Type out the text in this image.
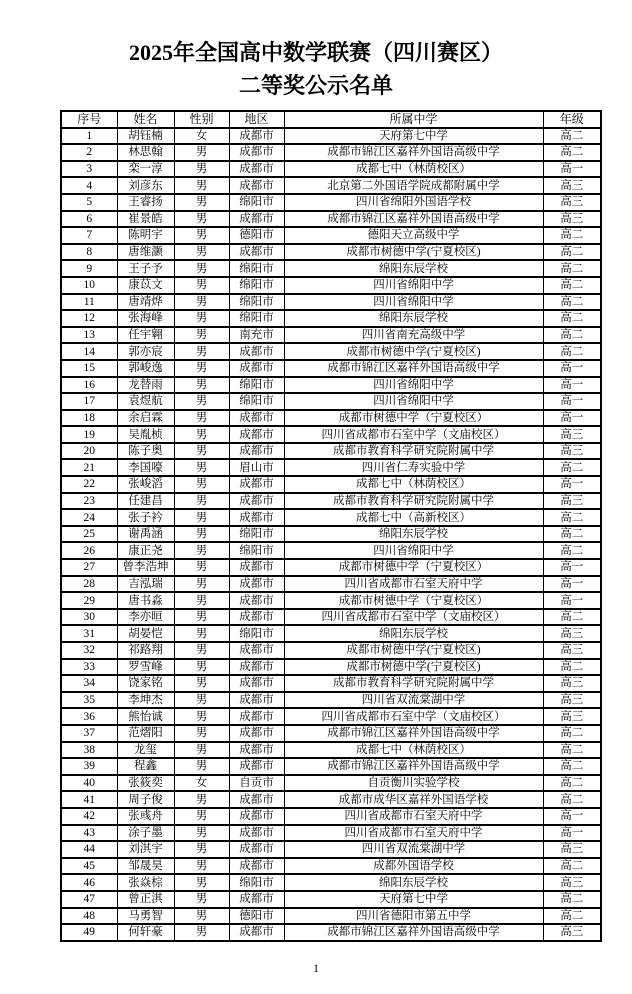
2025年全国高中数学联赛（四川赛区）
二等奖公示名单
序号	姓名	性别	地区	所属中学	年级
1	胡钰楠	女	成都市	天府第七中学	高二
2	林思翰	男	成都市	成都市锦江区嘉祥外国语高级中学	高二
3	栾一淳	男	成都市	成都七中（林荫校区）	高一
4	刘彦东	男	成都市	北京第二外国语学院成都附属中学	高三
5	王睿扬	男	绵阳市	四川省绵阳外国语学校	高三
6	崔景皓	男	成都市	成都市锦江区嘉祥外国语高级中学	高三
7	陈明宇	男	德阳市	德阳天立高级中学	高二
8	唐维灏	男	成都市	成都市树德中学(宁夏校区)	高二
9	王子予	男	绵阳市	绵阳东辰学校	高二
10	康苡文	男	绵阳市	四川省绵阳中学	高二
11	唐靖烨	男	绵阳市	四川省绵阳中学	高二
12	张海峰	男	绵阳市	绵阳东辰学校	高二
13	任宇翱	男	南充市	四川省南充高级中学	高二
14	郭亦宸	男	成都市	成都市树德中学(宁夏校区)	高二
15	郭峻逸	男	成都市	成都市锦江区嘉祥外国语高级中学	高一
16	龙替雨	男	绵阳市	四川省绵阳中学	高一
17	袁煜航	男	绵阳市	四川省绵阳中学	高一
18	余启霖	男	成都市	成都市树德中学（宁夏校区）	高一
19	吴胤桢	男	成都市	四川省成都市石室中学（文庙校区）	高三
20	陈子奥	男	成都市	成都市教育科学研究院附属中学	高三
21	李国嚎	男	眉山市	四川省仁寿实验中学	高二
22	张峻滔	男	成都市	成都七中（林荫校区）	高一
23	任建昌	男	成都市	成都市教育科学研究院附属中学	高三
24	张子衿	男	成都市	成都七中（高新校区）	高二
25	谢禹涵	男	绵阳市	绵阳东辰学校	高二
26	康正尧	男	绵阳市	四川省绵阳中学	高二
27	曾李浩坤	男	成都市	成都市树德中学（宁夏校区）	高一
28	吉泓瑞	男	成都市	四川省成都市石室天府中学	高一
29	唐书淼	男	成都市	成都市树德中学（宁夏校区）	高一
30	李亦晅	男	成都市	四川省成都市石室中学（文庙校区）	高二
31	胡晏恺	男	绵阳市	绵阳东辰学校	高三
32	祁路翔	男	成都市	成都市树德中学(宁夏校区)	高三
33	罗雪峰	男	成都市	成都市树德中学(宁夏校区)	高二
34	饶家铭	男	成都市	成都市教育科学研究院附属中学	高三
35	李坤杰	男	成都市	四川省双流棠湖中学	高三
36	熊怡诚	男	成都市	四川省成都市石室中学（文庙校区）	高三
37	范熠阳	男	成都市	成都市锦江区嘉祥外国语高级中学	高二
38	龙玺	男	成都市	成都七中（林荫校区）	高二
39	程鑫	男	成都市	成都市锦江区嘉祥外国语高级中学	高二
40	张筱奕	女	自贡市	自贡衡川实验学校	高二
41	周子俊	男	成都市	成都市成华区嘉祥外国语学校	高二
42	张彧舟	男	成都市	四川省成都市石室天府中学	高一
43	涂子墨	男	成都市	四川省成都市石室天府中学	高一
44	刘淇宇	男	成都市	四川省双流棠湖中学	高三
45	邹晟昊	男	成都市	成都外国语学校	高二
46	张焱棕	男	绵阳市	绵阳东辰学校	高三
47	曾正淇	男	成都市	天府第七中学	高二
48	马勇智	男	德阳市	四川省德阳市第五中学	高二
49	何轩豪	男	成都市	成都市锦江区嘉祥外国语高级中学	高三
1
